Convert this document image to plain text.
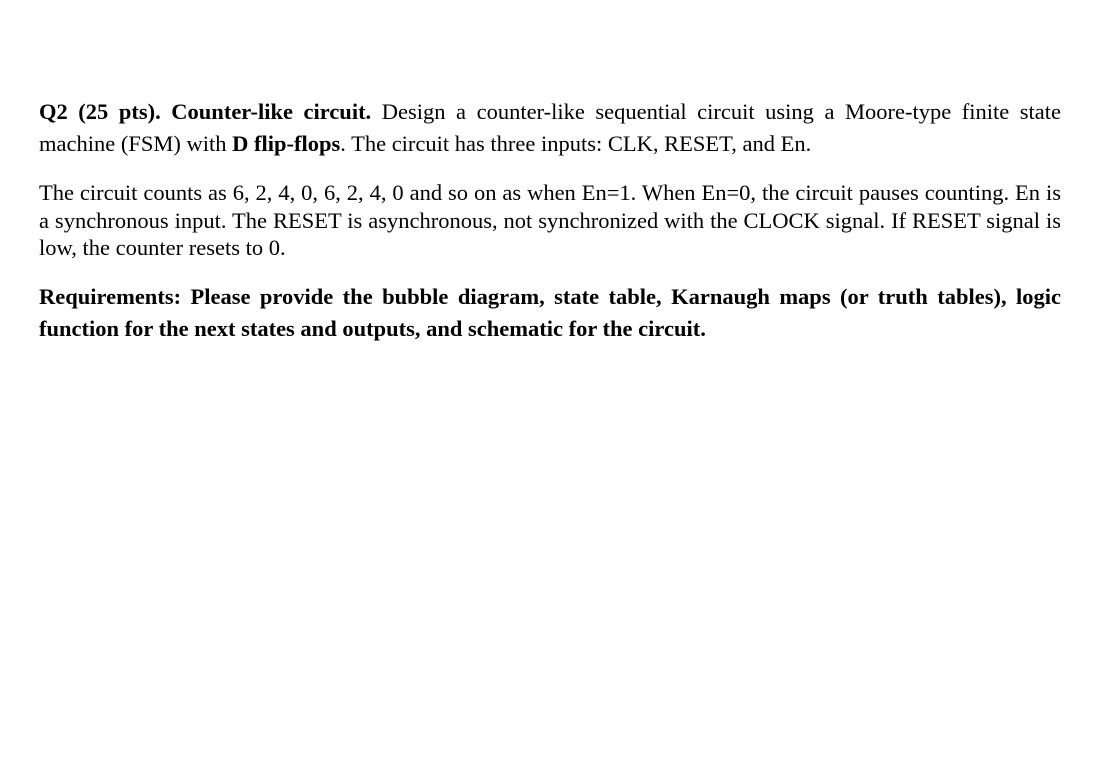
Q2 (25 pts). Counter-like circuit. Design a counter-like sequential circuit using a Moore-type finite state machine (FSM) with D flip-flops. The circuit has three inputs: CLK, RESET, and En.

The circuit counts as 6, 2, 4, 0, 6, 2, 4, 0 and so on as when En=1. When En=0, the circuit pauses counting. En is a synchronous input. The RESET is asynchronous, not synchronized with the CLOCK signal. If RESET signal is low, the counter resets to 0.

Requirements: Please provide the bubble diagram, state table, Karnaugh maps (or truth tables), logic function for the next states and outputs, and schematic for the circuit.
